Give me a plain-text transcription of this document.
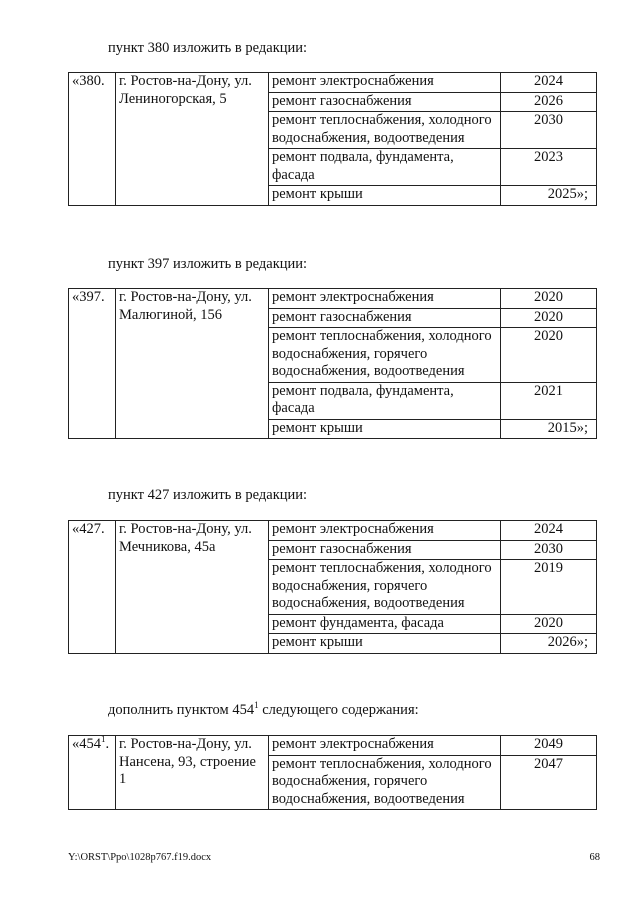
пункт 380 изложить в редакции:
«380.	г. Ростов-на-Дону, ул. Лениногорская, 5	ремонт электроснабжения	2024
		ремонт газоснабжения	2026
		ремонт теплоснабжения, холодного водоснабжения, водоотведения	2030
		ремонт подвала, фундамента, фасада	2023
		ремонт крыши	2025»;
пункт 397 изложить в редакции:
«397.	г. Ростов-на-Дону, ул. Малюгиной, 156	ремонт электроснабжения	2020
		ремонт газоснабжения	2020
		ремонт теплоснабжения, холодного водоснабжения, горячего водоснабжения, водоотведения	2020
		ремонт подвала, фундамента, фасада	2021
		ремонт крыши	2015»;
пункт 427 изложить в редакции:
«427.	г. Ростов-на-Дону, ул. Мечникова, 45а	ремонт электроснабжения	2024
		ремонт газоснабжения	2030
		ремонт теплоснабжения, холодного водоснабжения, горячего водоснабжения, водоотведения	2019
		ремонт фундамента, фасада	2020
		ремонт крыши	2026»;
дополнить пунктом $454^1$ следующего содержания:
«$454^1$.	г. Ростов-на-Дону, ул. Нансена, 93, строение 1	ремонт электроснабжения	2049
		ремонт теплоснабжения, холодного водоснабжения, горячего водоснабжения, водоотведения	2047
Y:\ORST\Ppo\1028p767.f19.docx	68
